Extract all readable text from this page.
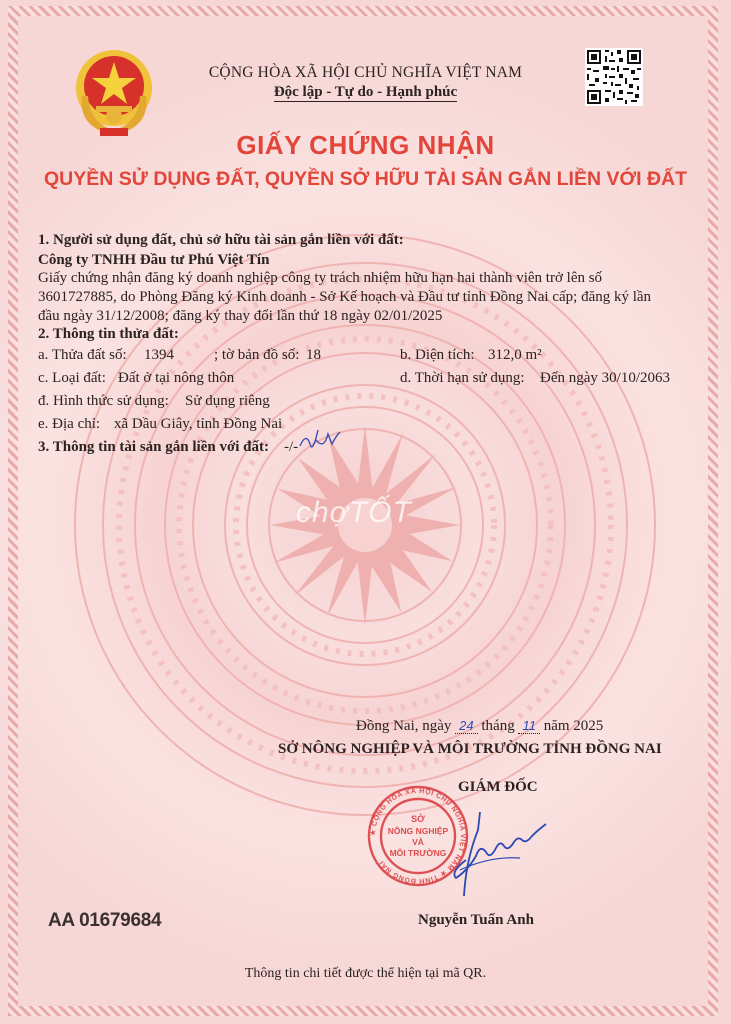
CỘNG HÒA XÃ HỘI CHỦ NGHĨA VIỆT NAM
Độc lập - Tự do - Hạnh phúc
GIẤY CHỨNG NHẬN
QUYỀN SỬ DỤNG ĐẤT, QUYỀN SỞ HỮU TÀI SẢN GẮN LIỀN VỚI ĐẤT
1. Người sử dụng đất, chủ sở hữu tài sản gắn liền với đất:
Công ty TNHH Đầu tư Phú Việt Tín
Giấy chứng nhận đăng ký doanh nghiệp công ty trách nhiệm hữu hạn hai thành viên trở lên số
3601727885, do Phòng Đăng ký Kinh doanh - Sở Kế hoạch và Đầu tư tỉnh Đồng Nai cấp; đăng ký lần
đầu ngày 31/12/2008; đăng ký thay đổi lần thứ 18 ngày 02/01/2025
2. Thông tin thửa đất:
a. Thửa đất số: 1394	; tờ bản đồ số: 18	b. Diện tích: 312,0 m²
c. Loại đất: Đất ở tại nông thôn	d. Thời hạn sử dụng: Đến ngày 30/10/2063
đ. Hình thức sử dụng: Sử dụng riêng
e. Địa chỉ: xã Dầu Giây, tỉnh Đồng Nai
3. Thông tin tài sản gắn liền với đất: -/-
chợTỐT
Đồng Nai, ngày 24 tháng 11 năm 2025
SỞ NÔNG NGHIỆP VÀ MÔI TRƯỜNG TỈNH ĐỒNG NAI
GIÁM ĐỐC
★ CỘNG HÒA XÃ HỘI CHỦ NGHĨA VIỆT NAM ★ TỈNH ĐỒNG NAI
SỞ
NÔNG NGHIỆP
VÀ
MÔI TRƯỜNG
AA 01679684	Nguyễn Tuấn Anh
Thông tin chi tiết được thể hiện tại mã QR.
